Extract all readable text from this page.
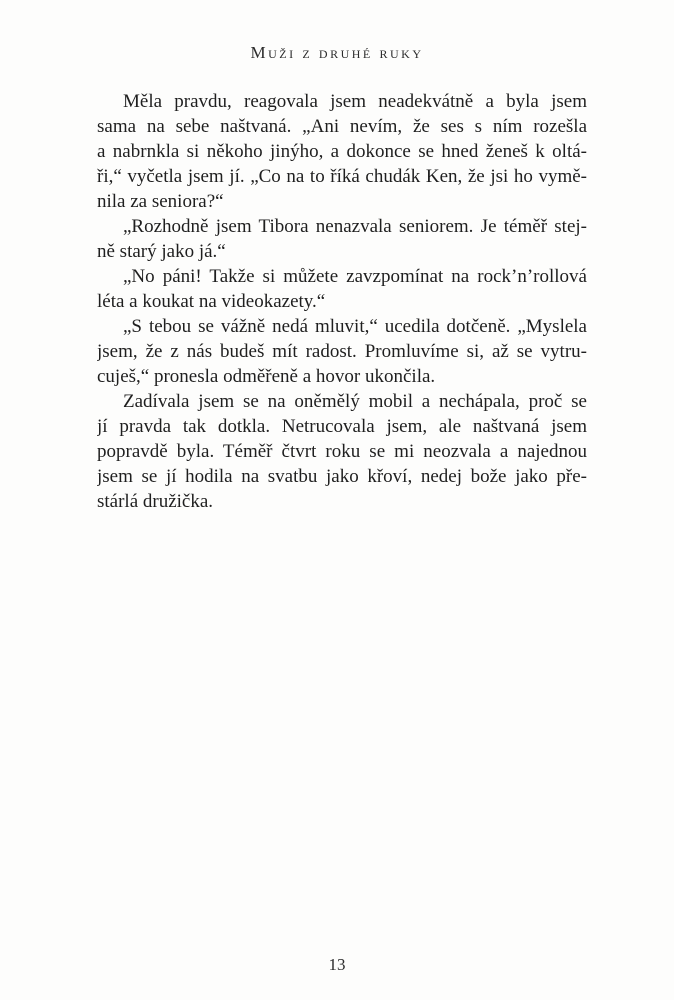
Muži z druhé ruky
Měla pravdu, reagovala jsem neadekvátně a byla jsem
sama na sebe naštvaná. „Ani nevím, že ses s ním rozešla
a nabrnkla si někoho jinýho, a dokonce se hned ženeš k oltá-
ři,“ vyčetla jsem jí. „Co na to říká chudák Ken, že jsi ho vymě-
nila za seniora?“
„Rozhodně jsem Tibora nenazvala seniorem. Je téměř stej-
ně starý jako já.“
„No páni! Takže si můžete zavzpomínat na rock’n’rollová
léta a koukat na videokazety.“
„S tebou se vážně nedá mluvit,“ ucedila dotčeně. „Myslela
jsem, že z nás budeš mít radost. Promluvíme si, až se vytru-
cuješ,“ pronesla odměřeně a hovor ukončila.
Zadívala jsem se na oněmělý mobil a nechápala, proč se
jí pravda tak dotkla. Netrucovala jsem, ale naštvaná jsem
popravdě byla. Téměř čtvrt roku se mi neozvala a najednou
jsem se jí hodila na svatbu jako křoví, nedej bože jako pře-
stárlá družička.
13
